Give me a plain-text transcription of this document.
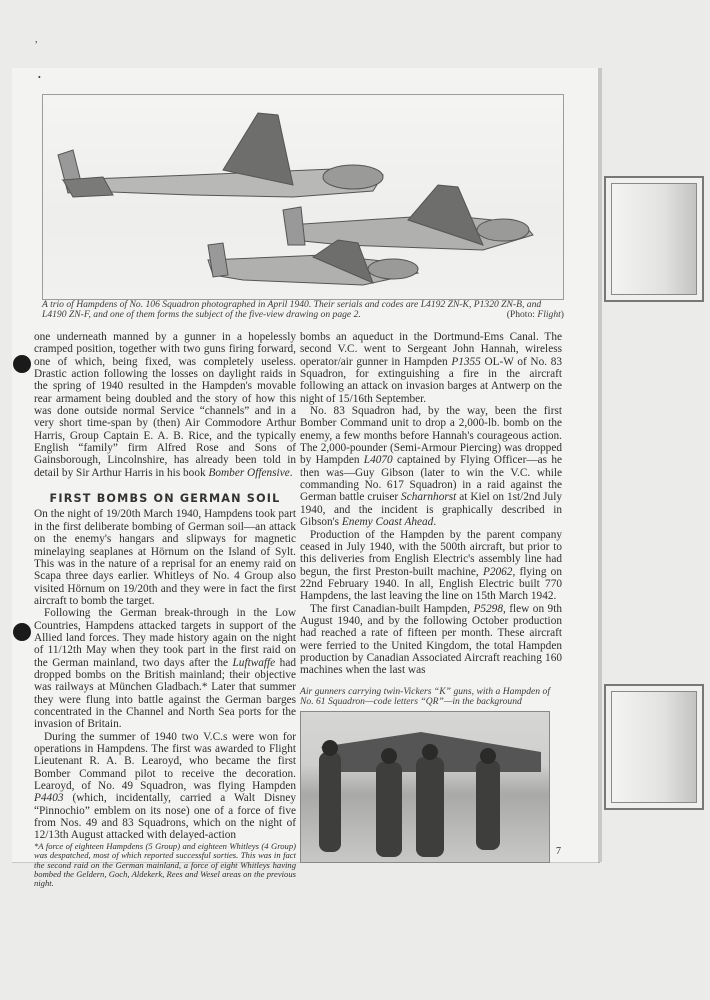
,
•
A trio of Hampdens of No. 106 Squadron photographed in April 1940. Their serials and codes are L4192 ZN-K, P1320 ZN-B, and L4190 ZN-F, and one of them forms the subject of the five-view drawing on page 2.	(Photo: Flight)

one underneath manned by a gunner in a hopelessly cramped position, together with two guns firing forward, one of which, being fixed, was completely useless. Drastic action following the losses on daylight raids in the spring of 1940 resulted in the Hampden's movable rear armament being doubled and the story of how this was done outside normal Service “channels” and in a very short time-span by (then) Air Commodore Arthur Harris, Group Captain E. A. B. Rice, and the typically English “family” firm Alfred Rose and Sons of Gainsborough, Lincolnshire, has already been told in detail by Sir Arthur Harris in his book Bomber Offensive.

FIRST BOMBS ON GERMAN SOIL

On the night of 19/20th March 1940, Hampdens took part in the first deliberate bombing of German soil—an attack on the enemy's hangars and slipways for magnetic minelaying seaplanes at Hörnum on the Island of Sylt. This was in the nature of a reprisal for an enemy raid on Scapa three days earlier. Whitleys of No. 4 Group also visited Hörnum on 19/20th and they were in fact the first aircraft to bomb the target.

Following the German break-through in the Low Countries, Hampdens attacked targets in support of the Allied land forces. They made history again on the night of 11/12th May when they took part in the first raid on the German mainland, two days after the Luftwaffe had dropped bombs on the British mainland; their objective was railways at München Gladbach.* Later that summer they were flung into battle against the German barges concentrated in the Channel and North Sea ports for the invasion of Britain.

During the summer of 1940 two V.C.s were won for operations in Hampdens. The first was awarded to Flight Lieutenant R. A. B. Learoyd, who became the first Bomber Command pilot to receive the decoration. Learoyd, of No. 49 Squadron, was flying Hampden P4403 (which, incidentally, carried a Walt Disney “Pinnochio” emblem on its nose) one of a force of five from Nos. 49 and 83 Squadrons, which on the night of 12/13th August attacked with delayed-action

*A force of eighteen Hampdens (5 Group) and eighteen Whitleys (4 Group) was despatched, most of which reported successful sorties. This was in fact the second raid on the German mainland, a force of eight Whitleys having bombed the Geldern, Goch, Aldekerk, Rees and Wesel areas on the previous night.

bombs an aqueduct in the Dortmund-Ems Canal. The second V.C. went to Sergeant John Hannah, wireless operator/air gunner in Hampden P1355 OL-W of No. 83 Squadron, for extinguishing a fire in the aircraft following an attack on invasion barges at Antwerp on the night of 15/16th September.

No. 83 Squadron had, by the way, been the first Bomber Command unit to drop a 2,000-lb. bomb on the enemy, a few months before Hannah's courageous action. The 2,000-pounder (Semi-Armour Piercing) was dropped by Hampden L4070 captained by Flying Officer—as he then was—Guy Gibson (later to win the V.C. while commanding No. 617 Squadron) in a raid against the German battle cruiser Scharnhorst at Kiel on 1st/2nd July 1940, and the incident is graphically described in Gibson's Enemy Coast Ahead.

Production of the Hampden by the parent company ceased in July 1940, with the 500th aircraft, but prior to this deliveries from English Electric's assembly line had begun, the first Preston-built machine, P2062, flying on 22nd February 1940. In all, English Electric built 770 Hampdens, the last leaving the line on 15th March 1942.

The first Canadian-built Hampden, P5298, flew on 9th August 1940, and by the following October production had reached a rate of fifteen per month. These aircraft were ferried to the United Kingdom, the total Hampden production by Canadian Associated Aircraft reaching 160 machines when the last was

Air gunners carrying twin-Vickers “K” guns, with a Hampden of No. 61 Squadron—code letters “QR”—in the background

7
